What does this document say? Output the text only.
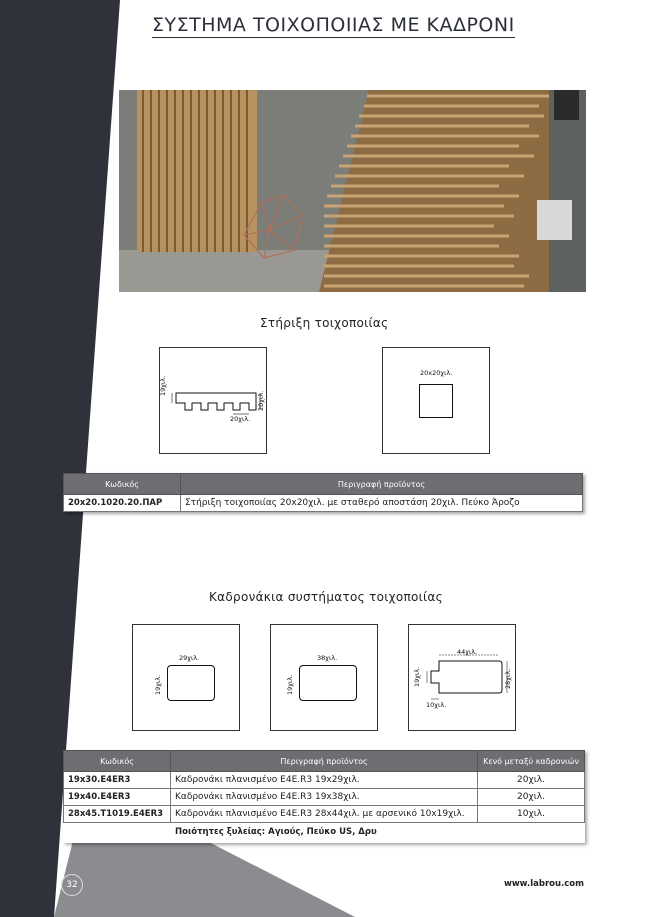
ΣΥΣΤΗΜΑ ΤΟΙΧΟΠΟΙΙΑΣ ΜΕ ΚΑΔΡΟΝΙ
Στήριξη τοιχοποιίας
19χιλ.
20χιλ.
20χιλ.
20x20χιλ.
Κωδικός	Περιγραφή προϊόντος
20x20.1020.20.ΠΑΡ	Στήριξη τοιχοποιίας 20x20χιλ. με σταθερό αποστάση 20χιλ. Πεύκο Άροζο
Καδρονάκια συστήματος τοιχοποιίας
29χιλ.
19χιλ.
38χιλ.
19χιλ.
44χιλ.
19χιλ.	28χιλ.
10χιλ.
Κωδικός	Περιγραφή προϊόντος	Κενό μεταξύ καδρονιών
19x30.E4ER3	Καδρονάκι πλανισμένο E4E.R3 19x29χιλ.	20χιλ.
19x40.E4ER3	Καδρονάκι πλανισμένο E4E.R3 19x38χιλ.	20χιλ.
28x45.T1019.E4ER3	Καδρονάκι πλανισμένο E4E.R3 28x44χιλ. με αρσενικό 10x19χιλ.	10χιλ.
Ποιότητες ξυλείας: Αγιούς, Πεύκο US, Δρυ
32	www.labrou.com
